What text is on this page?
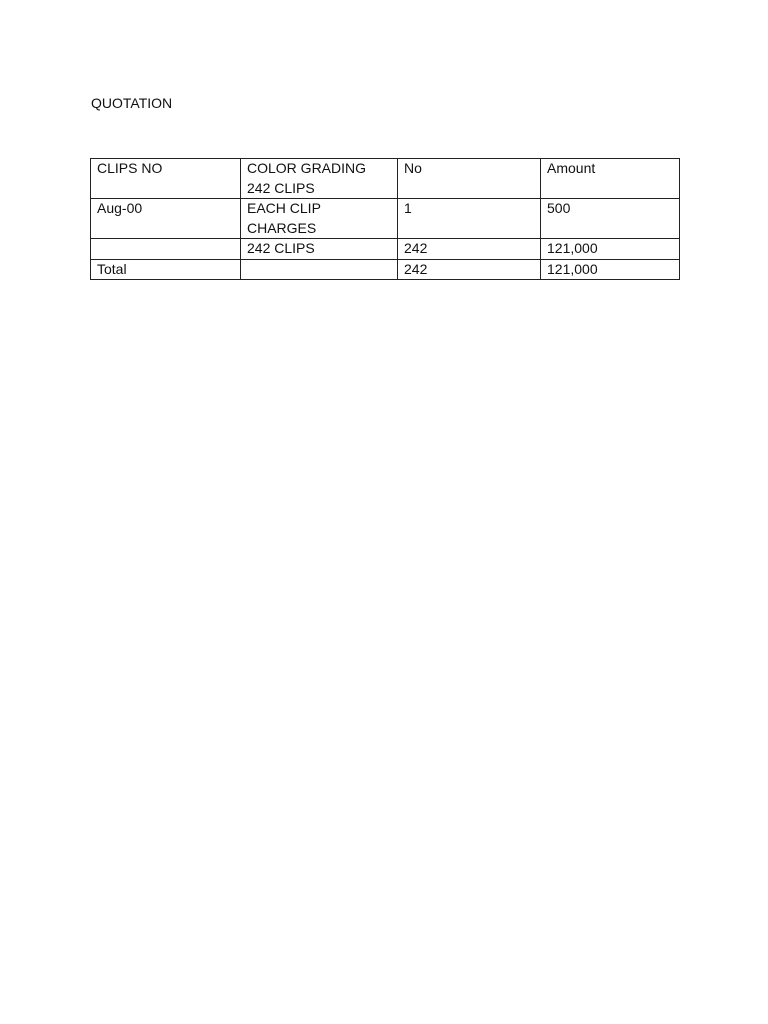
QUOTATION
CLIPS NO	COLOR GRADING 242 CLIPS	No	Amount
Aug-00	EACH CLIP CHARGES	1	500
	242 CLIPS	242	121,000
Total		242	121,000
